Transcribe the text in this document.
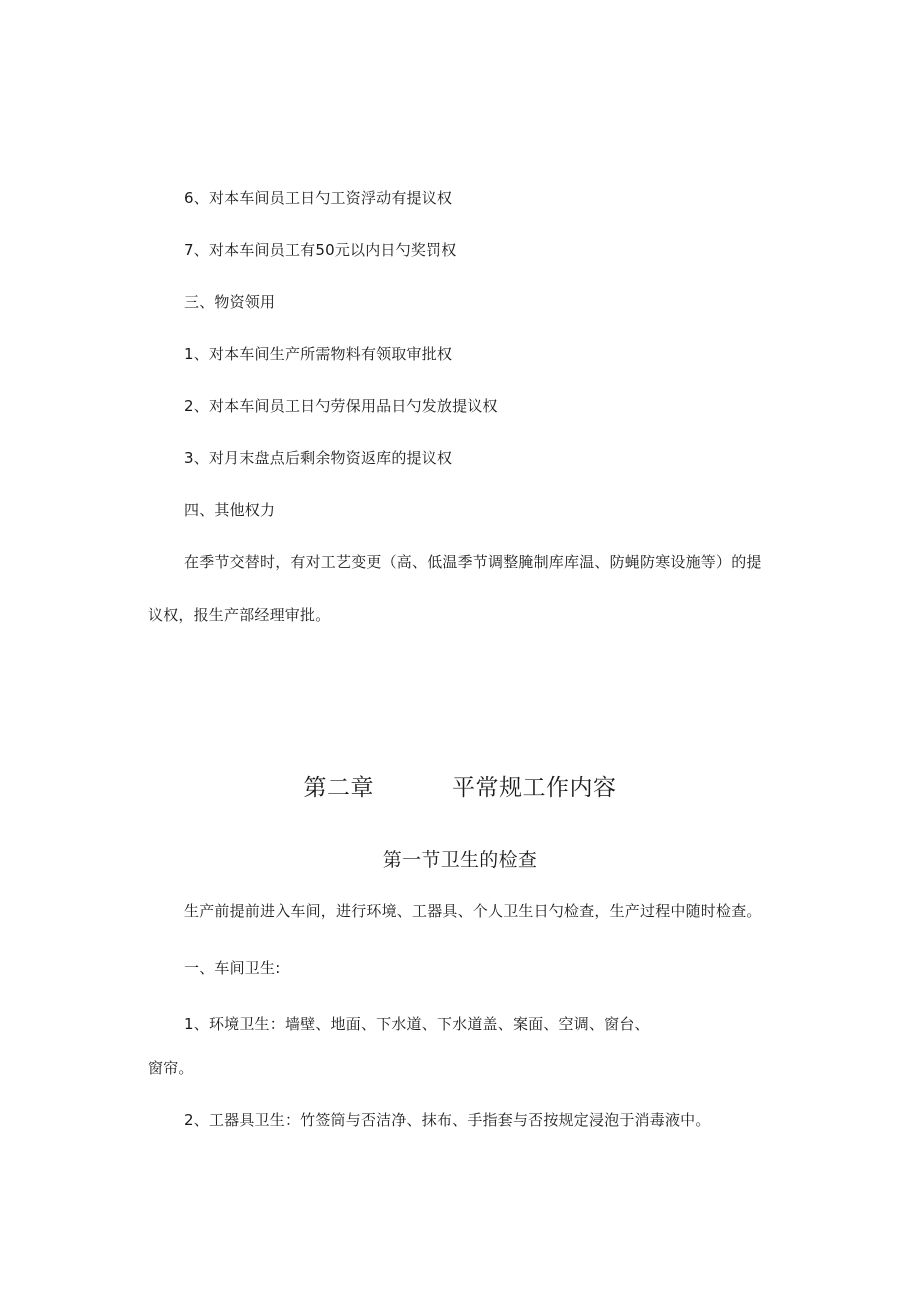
6、对本车间员工日勺工资浮动有提议权
7、对本车间员工有50元以内日勺奖罚权
三、物资领用
1、对本车间生产所需物料有领取审批权
2、对本车间员工日勺劳保用品日勺发放提议权
3、对月末盘点后剩余物资返库的提议权
四、其他权力
在季节交替时，有对工艺变更（高、低温季节调整腌制库库温、防蝇防寒设施等）的提
议权，报生产部经理审批。
第二章	平常规工作内容
第一节卫生的检查
生产前提前进入车间，进行环境、工器具、个人卫生日勺检查，生产过程中随时检查。
一、车间卫生:
1、环境卫生：墙壁、地面、下水道、下水道盖、案面、空调、窗台、
窗帘。
2、工器具卫生：竹签筒与否洁净、抹布、手指套与否按规定浸泡于消毒液中。
